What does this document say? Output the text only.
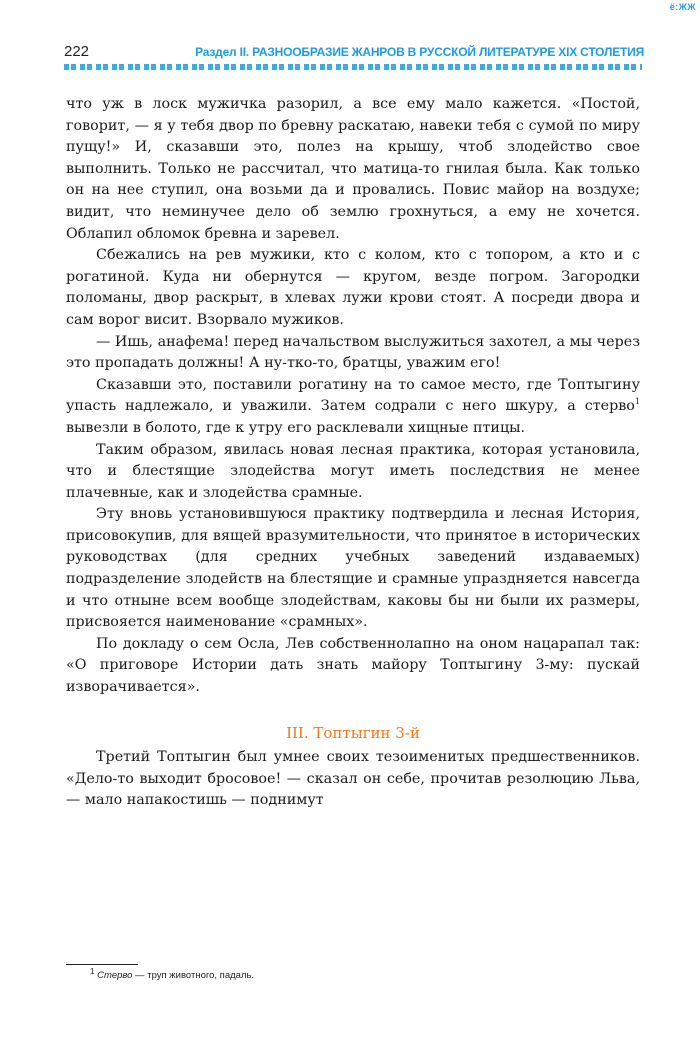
ё:ЖЖ
222	Раздел II. РАЗНООБРАЗИЕ ЖАНРОВ В РУССКОЙ ЛИТЕРАТУРЕ XIX СТОЛЕТИЯ

что уж в лоск мужичка разорил, а все ему мало кажется. «Постой, говорит, — я у тебя двор по бревну раскатаю, навеки тебя с сумой по миру пущу!» И, сказавши это, полез на крышу, чтоб злодейство свое выполнить. Только не рассчитал, что матица-то гнилая была. Как только он на нее ступил, она возьми да и провались. Повис майор на воздухе; видит, что неминучее дело об землю грохнуться, а ему не хочется. Облапил обломок бревна и заревел.

Сбежались на рев мужики, кто с колом, кто с топором, а кто и с рогатиной. Куда ни обернутся — кругом, везде погром. Загородки поломаны, двор раскрыт, в хлевах лужи крови стоят. А посреди двора и сам ворог висит. Взорвало мужиков.

— Ишь, анафема! перед начальством выслужиться захотел, а мы через это пропадать должны! А ну-тко-то, братцы, уважим его!

Сказавши это, поставили рогатину на то самое место, где Топтыгину упасть надлежало, и уважили. Затем содрали с него шкуру, а стерво$^1$ вывезли в болото, где к утру его расклевали хищные птицы.

Таким образом, явилась новая лесная практика, которая установила, что и блестящие злодейства могут иметь последствия не менее плачевные, как и злодейства срамные.

Эту вновь установившуюся практику подтвердила и лесная История, присовокупив, для вящей вразумительности, что принятое в исторических руководствах (для средних учебных заведений издаваемых) подразделение злодейств на блестящие и срамные упраздняется навсегда и что отныне всем вообще злодействам, каковы бы ни были их размеры, присвояется наименование «срамных».

По докладу о сем Осла, Лев собственнолапно на оном нацарапал так: «О приговоре Истории дать знать майору Топтыгину 3-му: пускай изворачивается».

III. Топтыгин 3-й

Третий Топтыгин был умнее своих тезоименитых предшественников. «Дело-то выходит бросовое! — сказал он себе, прочитав резолюцию Льва, — мало напакостишь — поднимут

$^1$ Стерво — труп животного, падаль.
